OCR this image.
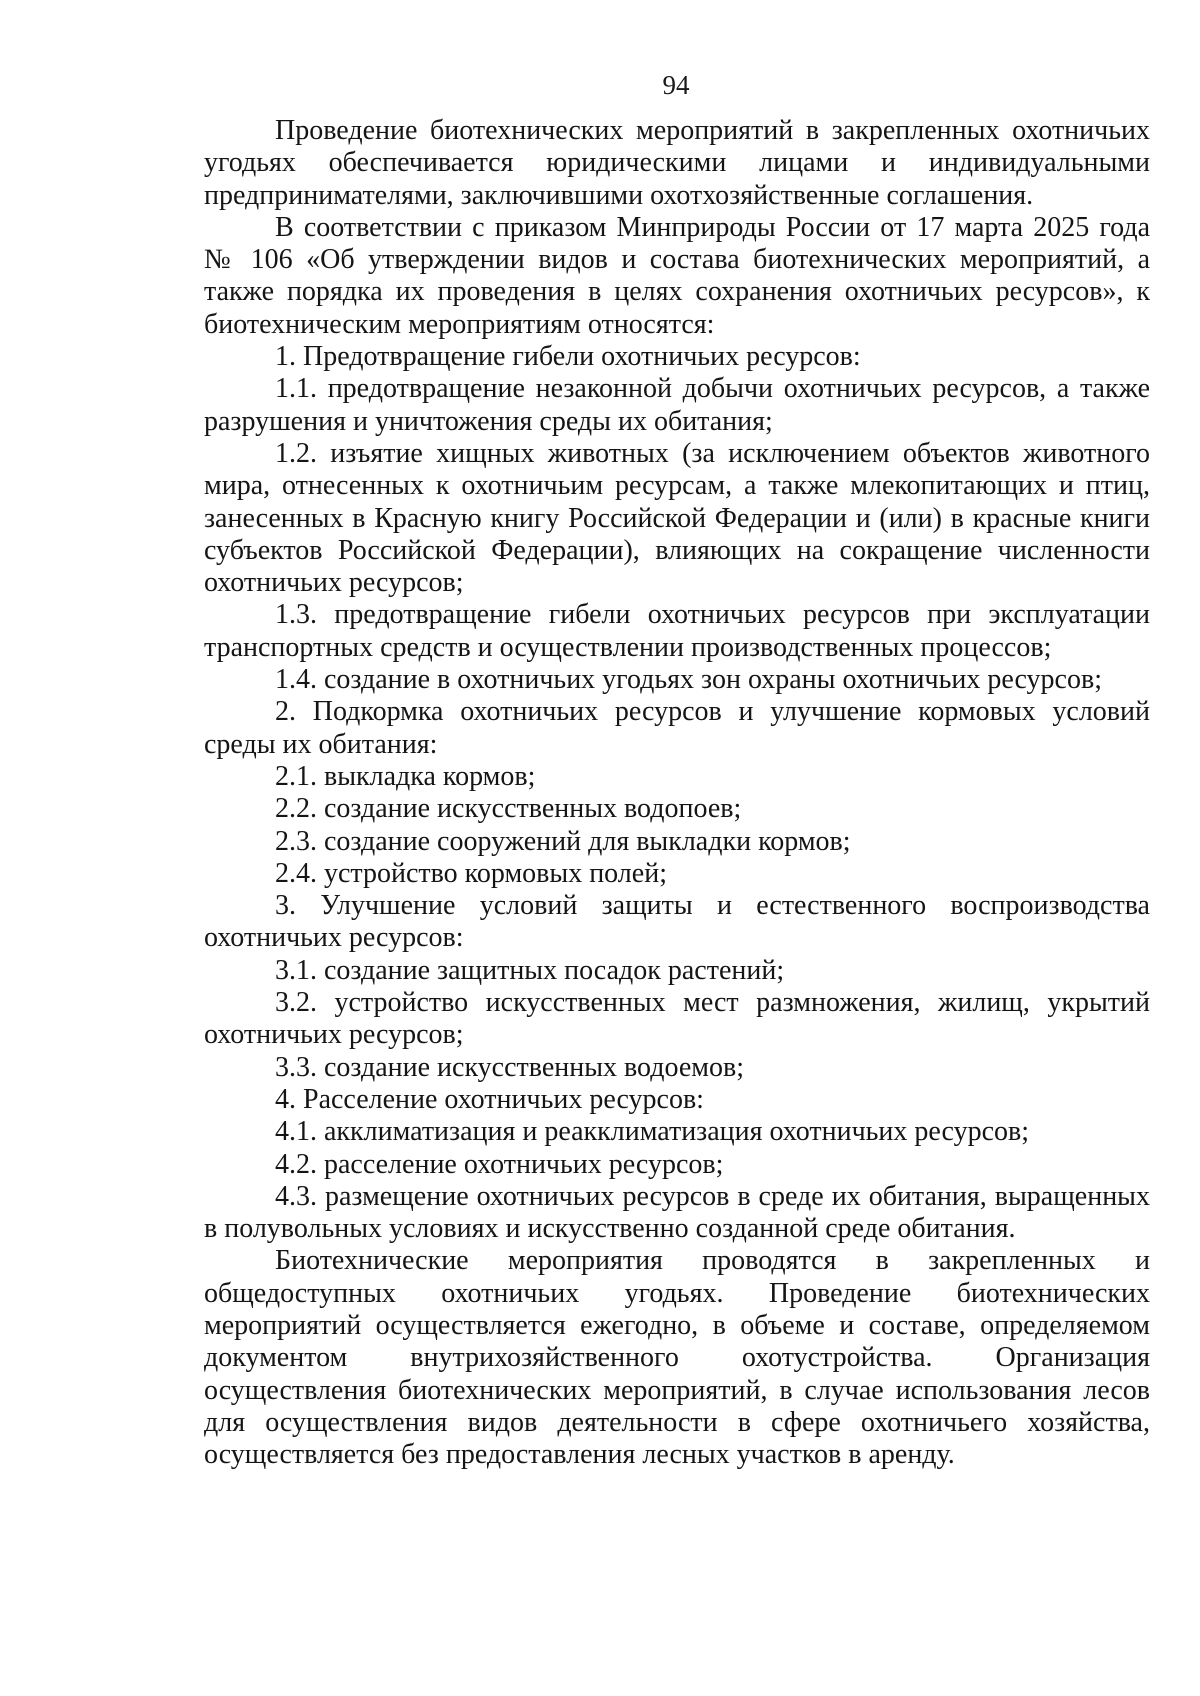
94

Проведение биотехнических мероприятий в закрепленных охотничьих угодьях обеспечивается юридическими лицами и индивидуальными предпринимателями, заключившими охотхозяйственные соглашения.

В соответствии с приказом Минприроды России от 17 марта 2025 года № 106 «Об утверждении видов и состава биотехнических мероприятий, а также порядка их проведения в целях сохранения охотничьих ресурсов», к биотехническим мероприятиям относятся:

1. Предотвращение гибели охотничьих ресурсов:

1.1. предотвращение незаконной добычи охотничьих ресурсов, а также разрушения и уничтожения среды их обитания;

1.2. изъятие хищных животных (за исключением объектов животного мира, отнесенных к охотничьим ресурсам, а также млекопитающих и птиц, занесенных в Красную книгу Российской Федерации и (или) в красные книги субъектов Российской Федерации), влияющих на сокращение численности охотничьих ресурсов;

1.3. предотвращение гибели охотничьих ресурсов при эксплуатации транспортных средств и осуществлении производственных процессов;

1.4. создание в охотничьих угодьях зон охраны охотничьих ресурсов;

2. Подкормка охотничьих ресурсов и улучшение кормовых условий среды их обитания:

2.1. выкладка кормов;

2.2. создание искусственных водопоев;

2.3. создание сооружений для выкладки кормов;

2.4. устройство кормовых полей;

3. Улучшение условий защиты и естественного воспроизводства охотничьих ресурсов:

3.1. создание защитных посадок растений;

3.2. устройство искусственных мест размножения, жилищ, укрытий охотничьих ресурсов;

3.3. создание искусственных водоемов;

4. Расселение охотничьих ресурсов:

4.1. акклиматизация и реакклиматизация охотничьих ресурсов;

4.2. расселение охотничьих ресурсов;

4.3. размещение охотничьих ресурсов в среде их обитания, выращенных в полувольных условиях и искусственно созданной среде обитания.

Биотехнические мероприятия проводятся в закрепленных и общедоступных охотничьих угодьях. Проведение биотехнических мероприятий осуществляется ежегодно, в объеме и составе, определяемом документом внутрихозяйственного охотустройства. Организация осуществления биотехнических мероприятий, в случае использования лесов для осуществления видов деятельности в сфере охотничьего хозяйства, осуществляется без предоставления лесных участков в аренду.
